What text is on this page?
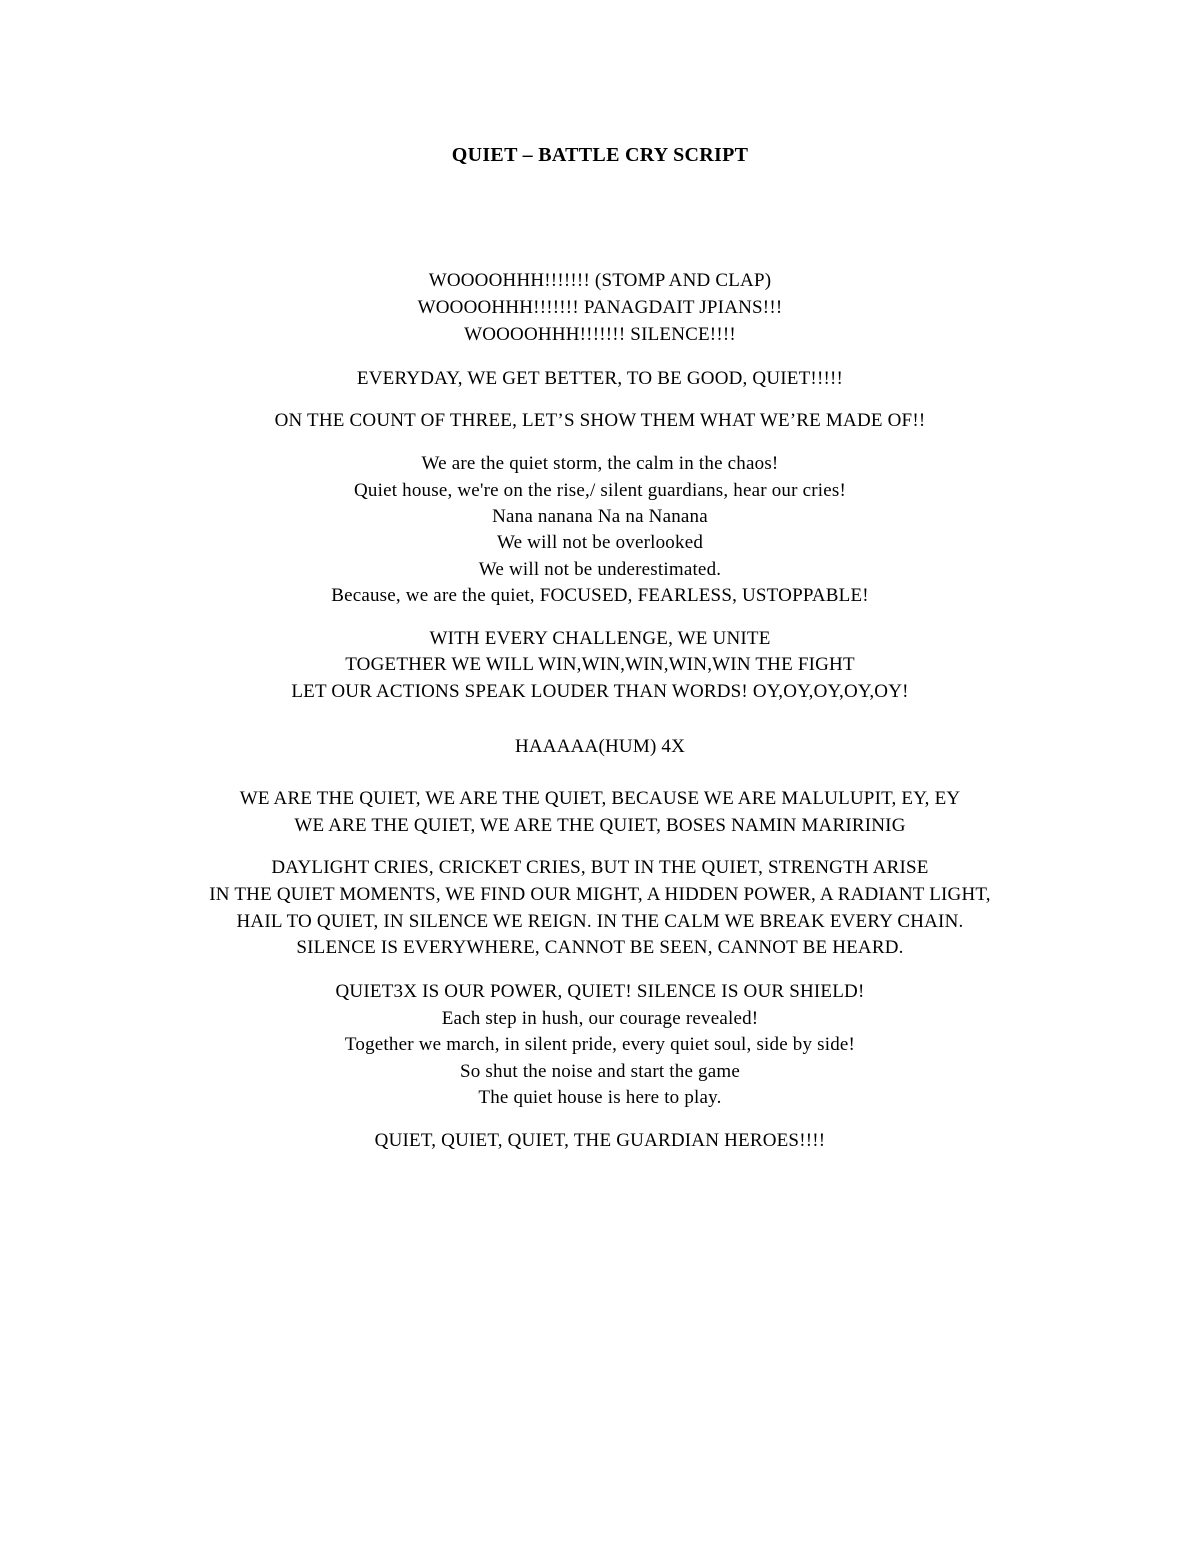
QUIET – BATTLE CRY SCRIPT
WOOOOHHH!!!!!!! (STOMP AND CLAP)
WOOOOHHH!!!!!!! PANAGDAIT JPIANS!!!
WOOOOHHH!!!!!!! SILENCE!!!!
EVERYDAY, WE GET BETTER, TO BE GOOD, QUIET!!!!!
ON THE COUNT OF THREE, LET’S SHOW THEM WHAT WE’RE MADE OF!!
We are the quiet storm, the calm in the chaos!
Quiet house, we're on the rise,/ silent guardians, hear our cries!
Nana nanana Na na Nanana
We will not be overlooked
We will not be underestimated.
Because, we are the quiet, FOCUSED, FEARLESS, USTOPPABLE!
WITH EVERY CHALLENGE, WE UNITE
TOGETHER WE WILL WIN,WIN,WIN,WIN,WIN THE FIGHT
LET OUR ACTIONS SPEAK LOUDER THAN WORDS! OY,OY,OY,OY,OY!
HAAAAA(HUM) 4X
WE ARE THE QUIET, WE ARE THE QUIET, BECAUSE WE ARE MALULUPIT, EY, EY
WE ARE THE QUIET, WE ARE THE QUIET, BOSES NAMIN MARIRINIG
DAYLIGHT CRIES, CRICKET CRIES, BUT IN THE QUIET, STRENGTH ARISE
IN THE QUIET MOMENTS, WE FIND OUR MIGHT, A HIDDEN POWER, A RADIANT LIGHT,
HAIL TO QUIET, IN SILENCE WE REIGN. IN THE CALM WE BREAK EVERY CHAIN.
SILENCE IS EVERYWHERE, CANNOT BE SEEN, CANNOT BE HEARD.
QUIET3X IS OUR POWER, QUIET! SILENCE IS OUR SHIELD!
Each step in hush, our courage revealed!
Together we march, in silent pride, every quiet soul, side by side!
So shut the noise and start the game
The quiet house is here to play.
QUIET, QUIET, QUIET, THE GUARDIAN HEROES!!!!
